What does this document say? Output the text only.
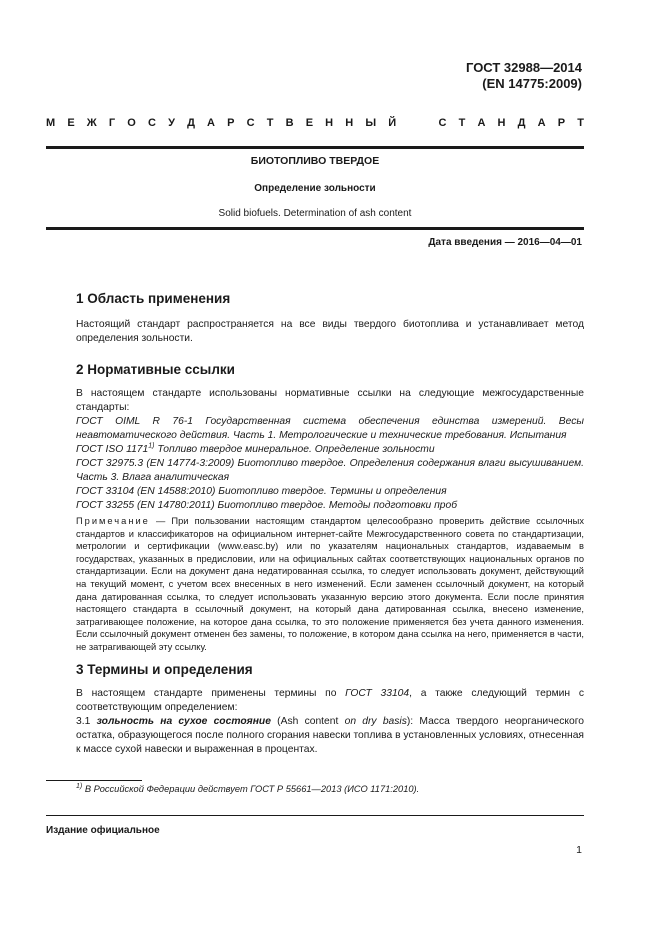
ГОСТ 32988—2014
(EN 14775:2009)
М Е Ж Г О С У Д А Р С Т В Е Н Н Ы Й	С Т А Н Д А Р Т
БИОТОПЛИВО ТВЕРДОЕ
Определение зольности
Solid biofuels. Determination of ash content
Дата введения — 2016—04—01
1 Область применения
Настоящий стандарт распространяется на все виды твердого биотоплива и устанавливает метод определения зольности.
2 Нормативные ссылки
В настоящем стандарте использованы нормативные ссылки на следующие межгосударственные стандарты:
ГОСТ OIML R 76-1 Государственная система обеспечения единства измерений. Весы неавтоматического действия. Часть 1. Метрологические и технические требования. Испытания
ГОСТ ISO 1171$^{1)}$ Топливо твердое минеральное. Определение зольности
ГОСТ 32975.3 (EN 14774-3:2009) Биотопливо твердое. Определения содержания влаги высушиванием. Часть 3. Влага аналитическая
ГОСТ 33104 (EN 14588:2010) Биотопливо твердое. Термины и определения
ГОСТ 33255 (EN 14780:2011) Биотопливо твердое. Методы подготовки проб
Примечание — При пользовании настоящим стандартом целесообразно проверить действие ссылочных стандартов и классификаторов на официальном интернет-сайте Межгосударственного совета по стандартизации, метрологии и сертификации (www.easc.by) или по указателям национальных стандартов, издаваемым в государствах, указанных в предисловии, или на официальных сайтах соответствующих национальных органов по стандартизации. Если на документ дана недатированная ссылка, то следует использовать документ, действующий на текущий момент, с учетом всех внесенных в него изменений. Если заменен ссылочный документ, на который дана датированная ссылка, то следует использовать указанную версию этого документа. Если после принятия настоящего стандарта в ссылочный документ, на который дана датированная ссылка, внесено изменение, затрагивающее положение, на которое дана ссылка, то это положение применяется без учета данного изменения. Если ссылочный документ отменен без замены, то положение, в котором дана ссылка на него, применяется в части, не затрагивающей эту ссылку.
3 Термины и определения
В настоящем стандарте применены термины по ГОСТ 33104, а также следующий термин с соответствующим определением:
3.1 зольность на сухое состояние (Ash content on dry basis): Масса твердого неорганического остатка, образующегося после полного сгорания навески топлива в установленных условиях, отнесенная к массе сухой навески и выраженная в процентах.
$^{1)}$ В Российской Федерации действует ГОСТ Р 55661—2013 (ИСО 1171:2010).
Издание официальное
1
